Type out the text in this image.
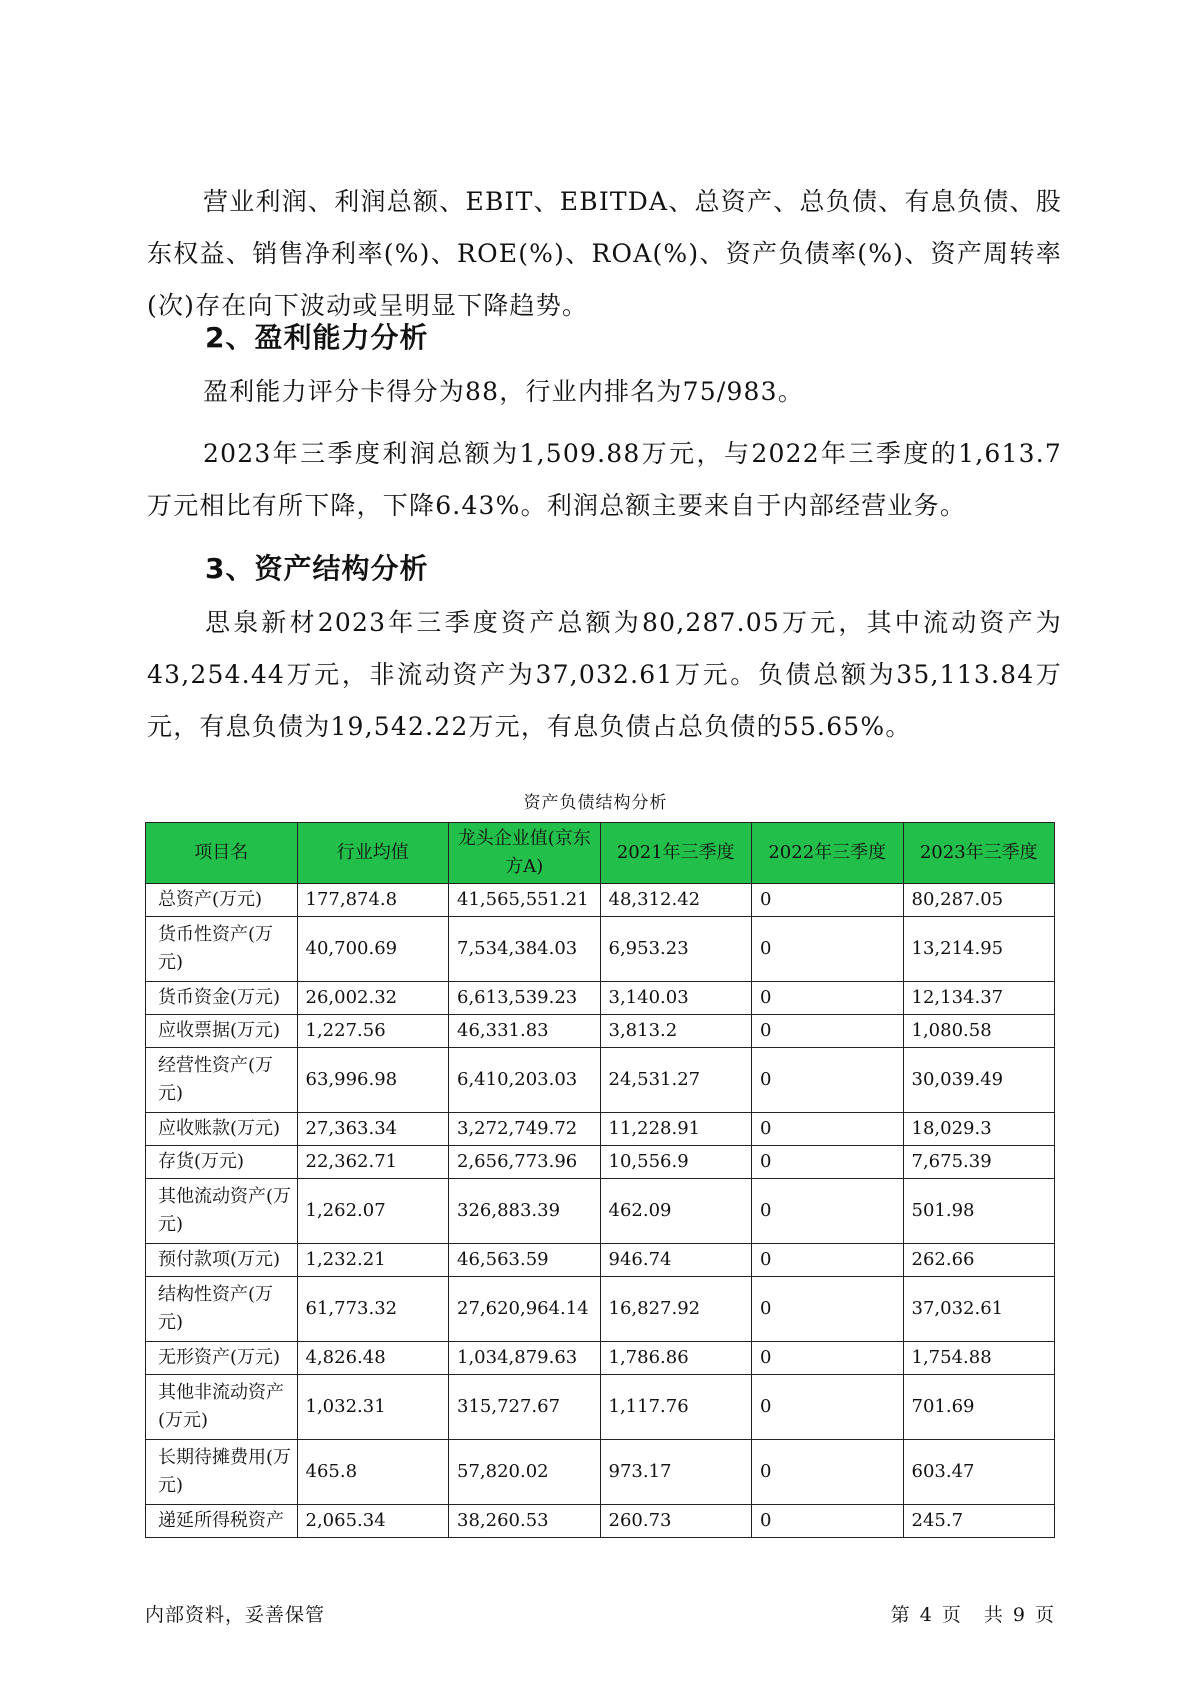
营业利润、利润总额、EBIT、EBITDA、总资产、总负债、有息负债、股东权益、销售净利率(%)、ROE(%)、ROA(%)、资产负债率(%)、资产周转率(次)存在向下波动或呈明显下降趋势。
2、盈利能力分析
盈利能力评分卡得分为88，行业内排名为75/983。
2023年三季度利润总额为1,509.88万元，与2022年三季度的1,613.7万元相比有所下降，下降6.43%。利润总额主要来自于内部经营业务。
3、资产结构分析
思泉新材2023年三季度资产总额为80,287.05万元，其中流动资产为43,254.44万元，非流动资产为37,032.61万元。负债总额为35,113.84万元，有息负债为19,542.22万元，有息负债占总负债的55.65%。
资产负债结构分析
项目名	行业均值	龙头企业值(京东方A)	2021年三季度	2022年三季度	2023年三季度
总资产(万元)	177,874.8	41,565,551.21	48,312.42	0	80,287.05
货币性资产(万元)	40,700.69	7,534,384.03	6,953.23	0	13,214.95
货币资金(万元)	26,002.32	6,613,539.23	3,140.03	0	12,134.37
应收票据(万元)	1,227.56	46,331.83	3,813.2	0	1,080.58
经营性资产(万元)	63,996.98	6,410,203.03	24,531.27	0	30,039.49
应收账款(万元)	27,363.34	3,272,749.72	11,228.91	0	18,029.3
存货(万元)	22,362.71	2,656,773.96	10,556.9	0	7,675.39
其他流动资产(万元)	1,262.07	326,883.39	462.09	0	501.98
预付款项(万元)	1,232.21	46,563.59	946.74	0	262.66
结构性资产(万元)	61,773.32	27,620,964.14	16,827.92	0	37,032.61
无形资产(万元)	4,826.48	1,034,879.63	1,786.86	0	1,754.88
其他非流动资产(万元)	1,032.31	315,727.67	1,117.76	0	701.69
长期待摊费用(万元)	465.8	57,820.02	973.17	0	603.47
递延所得税资产	2,065.34	38,260.53	260.73	0	245.7
内部资料，妥善保管	第 4 页　共 9 页
